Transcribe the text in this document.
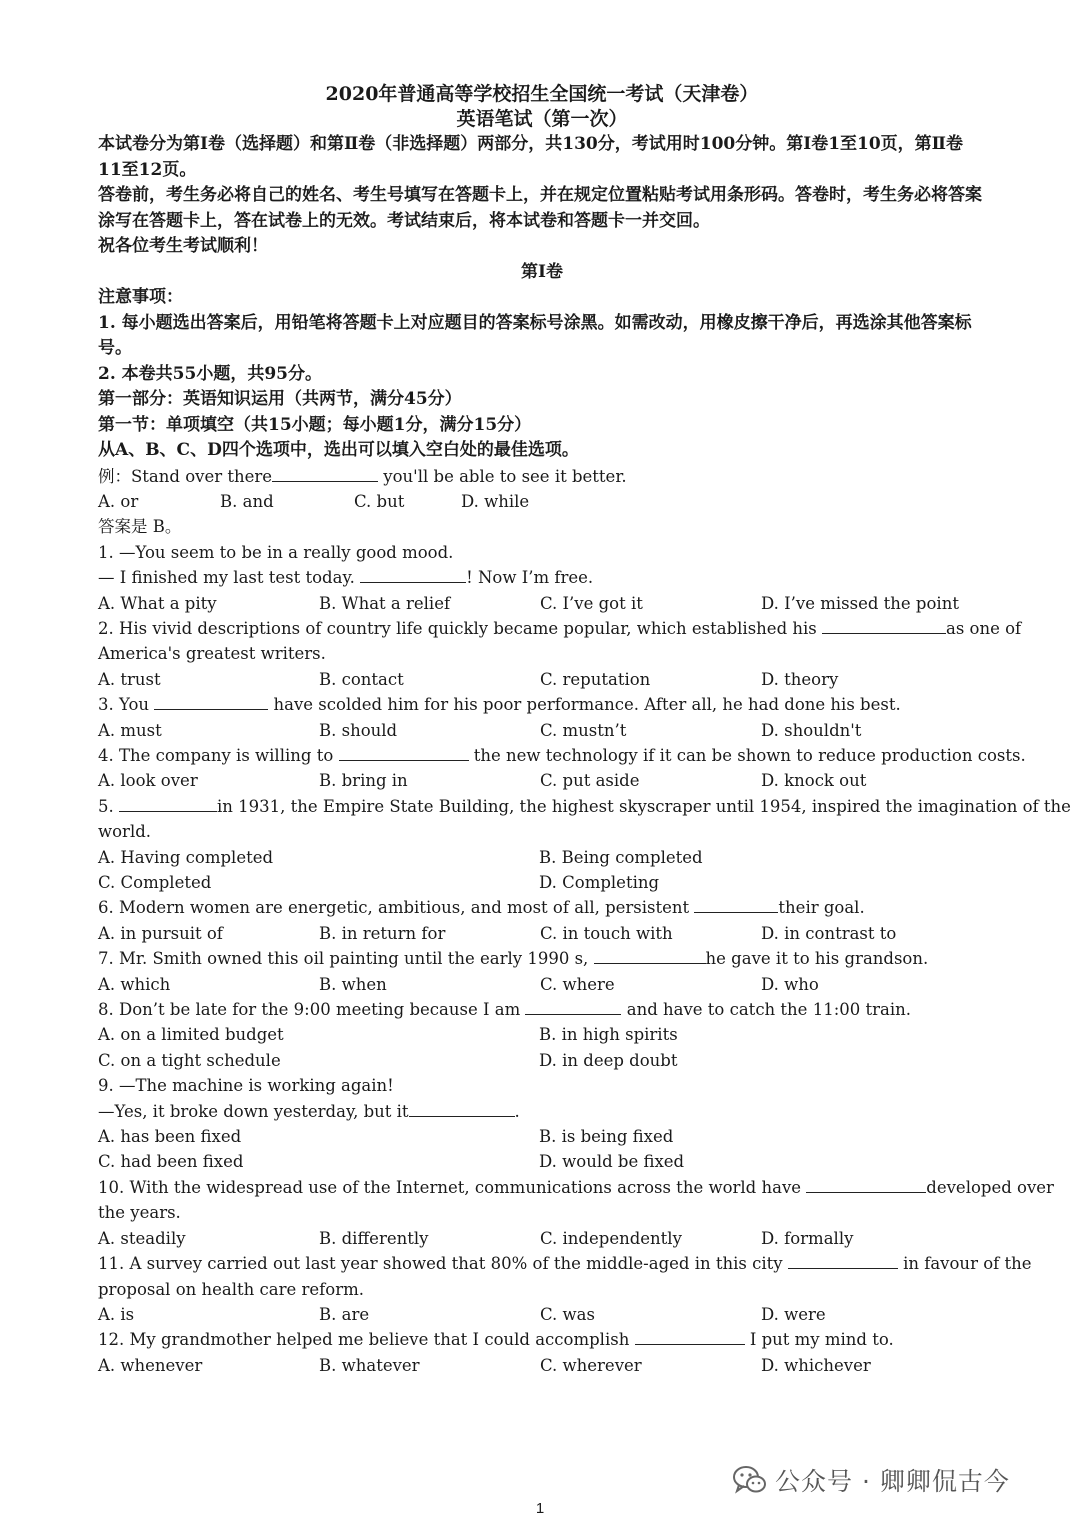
2020年普通高等学校招生全国统一考试（天津卷）
英语笔试（第一次）
本试卷分为第Ⅰ卷（选择题）和第Ⅱ卷（非选择题）两部分，共130分，考试用时100分钟。第Ⅰ卷1至10页，第Ⅱ卷11至12页。
答卷前，考生务必将自己的姓名、考生号填写在答题卡上，并在规定位置粘贴考试用条形码。答卷时，考生务必将答案涂写在答题卡上，答在试卷上的无效。考试结束后，将本试卷和答题卡一并交回。
祝各位考生考试顺利！
第Ⅰ卷
注意事项：
1. 每小题选出答案后，用铅笔将答题卡上对应题目的答案标号涂黑。如需改动，用橡皮擦干净后，再选涂其他答案标号。
2. 本卷共55小题，共95分。
第一部分：英语知识运用（共两节，满分45分）
第一节：单项填空（共15小题；每小题1分，满分15分）
从A、B、C、D四个选项中，选出可以填入空白处的最佳选项。
例：Stand over there	you'll be able to see it better.
A. or	B. and	C. but	D. while
答案是 B。
1. —You seem to be in a really good mood.
— I finished my last test today.	! Now I’m free.
A. What a pity	B. What a relief	C. I’ve got it	D. I’ve missed the point
2. His vivid descriptions of country life quickly became popular, which established his	as one of
America's greatest writers.
A. trust	B. contact	C. reputation	D. theory
3. You	have scolded him for his poor performance. After all, he had done his best.
A. must	B. should	C. mustn’t	D. shouldn't
4. The company is willing to	the new technology if it can be shown to reduce production costs.
A. look over	B. bring in	C. put aside	D. knock out
5.	in 1931, the Empire State Building, the highest skyscraper until 1954, inspired the imagination of the
world.
A. Having completed	B. Being completed
C. Completed	D. Completing
6. Modern women are energetic, ambitious, and most of all, persistent	their goal.
A. in pursuit of	B. in return for	C. in touch with	D. in contrast to
7. Mr. Smith owned this oil painting until the early 1990 s,	he gave it to his grandson.
A. which	B. when	C. where	D. who
8. Don’t be late for the 9:00 meeting because I am	and have to catch the 11:00 train.
A. on a limited budget	B. in high spirits
C. on a tight schedule	D. in deep doubt
9. —The machine is working again!
—Yes, it broke down yesterday, but it	.
A. has been fixed	B. is being fixed
C. had been fixed	D. would be fixed
10. With the widespread use of the Internet, communications across the world have	developed over
the years.
A. steadily	B. differently	C. independently	D. formally
11. A survey carried out last year showed that 80% of the middle-aged in this city	in favour of the
proposal on health care reform.
A. is	B. are	C. was	D. were
12. My grandmother helped me believe that I could accomplish	I put my mind to.
A. whenever	B. whatever	C. wherever	D. whichever
公众号 · 卿卿侃古今
1
